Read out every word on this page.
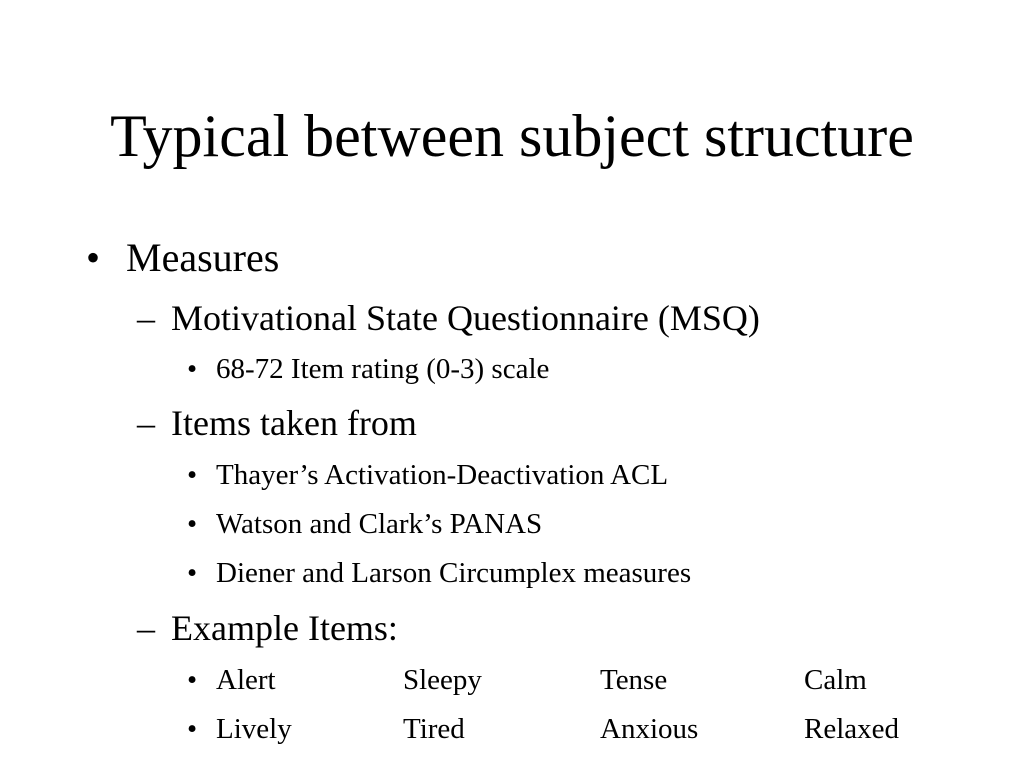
Typical between subject structure
• Measures
– Motivational State Questionnaire (MSQ)
• 68-72 Item rating (0-3) scale
– Items taken from
• Thayer’s Activation-Deactivation ACL
• Watson and Clark’s PANAS
• Diener and Larson Circumplex measures
– Example Items:
• Alert	Sleepy	Tense	Calm
• Lively	Tired	Anxious	Relaxed
